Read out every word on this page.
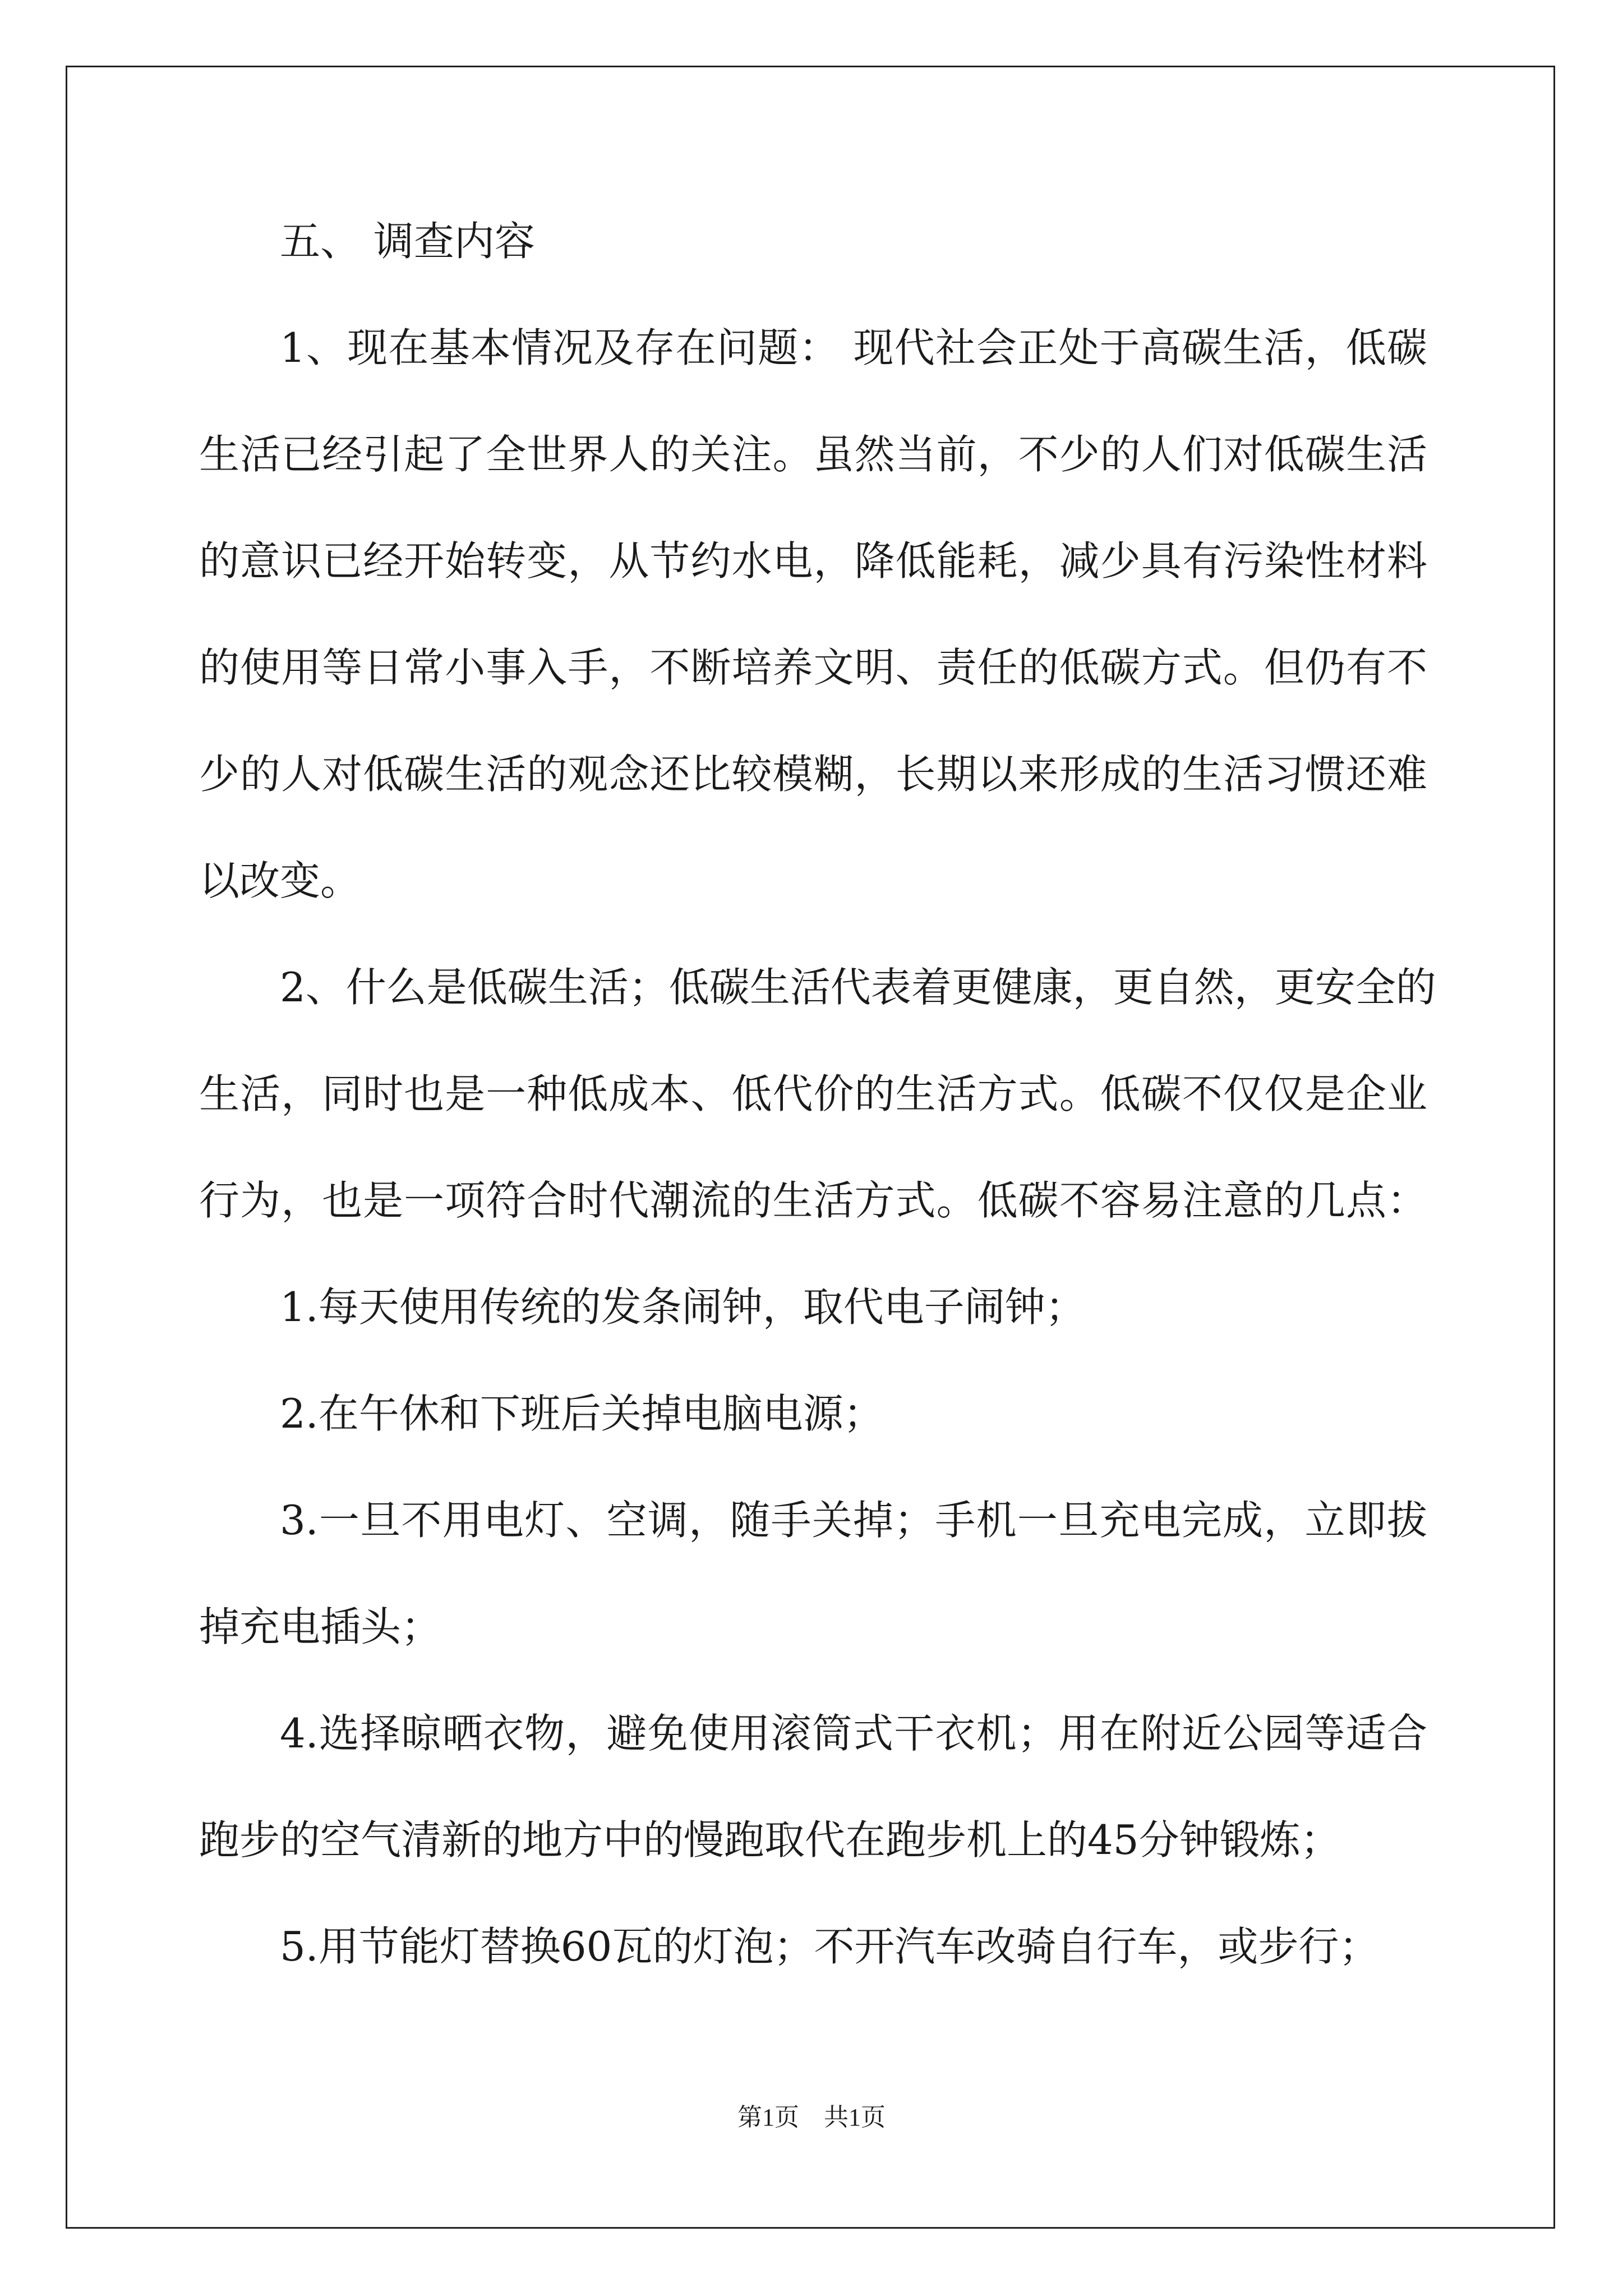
五、 调查内容
1、现在基本情况及存在问题： 现代社会正处于高碳生活，低碳
生活已经引起了全世界人的关注。虽然当前，不少的人们对低碳生活
的意识已经开始转变，从节约水电，降低能耗，减少具有污染性材料
的使用等日常小事入手，不断培养文明、责任的低碳方式。但仍有不
少的人对低碳生活的观念还比较模糊，长期以来形成的生活习惯还难
以改变。
2、什么是低碳生活；低碳生活代表着更健康，更自然，更安全的
生活，同时也是一种低成本、低代价的生活方式。低碳不仅仅是企业
行为，也是一项符合时代潮流的生活方式。低碳不容易注意的几点：
1.每天使用传统的发条闹钟，取代电子闹钟；
2.在午休和下班后关掉电脑电源；
3.一旦不用电灯、空调，随手关掉；手机一旦充电完成，立即拔
掉充电插头；
4.选择晾晒衣物，避免使用滚筒式干衣机；用在附近公园等适合
跑步的空气清新的地方中的慢跑取代在跑步机上的45分钟锻炼；
5.用节能灯替换60瓦的灯泡；不开汽车改骑自行车，或步行；
第1页　共1页
